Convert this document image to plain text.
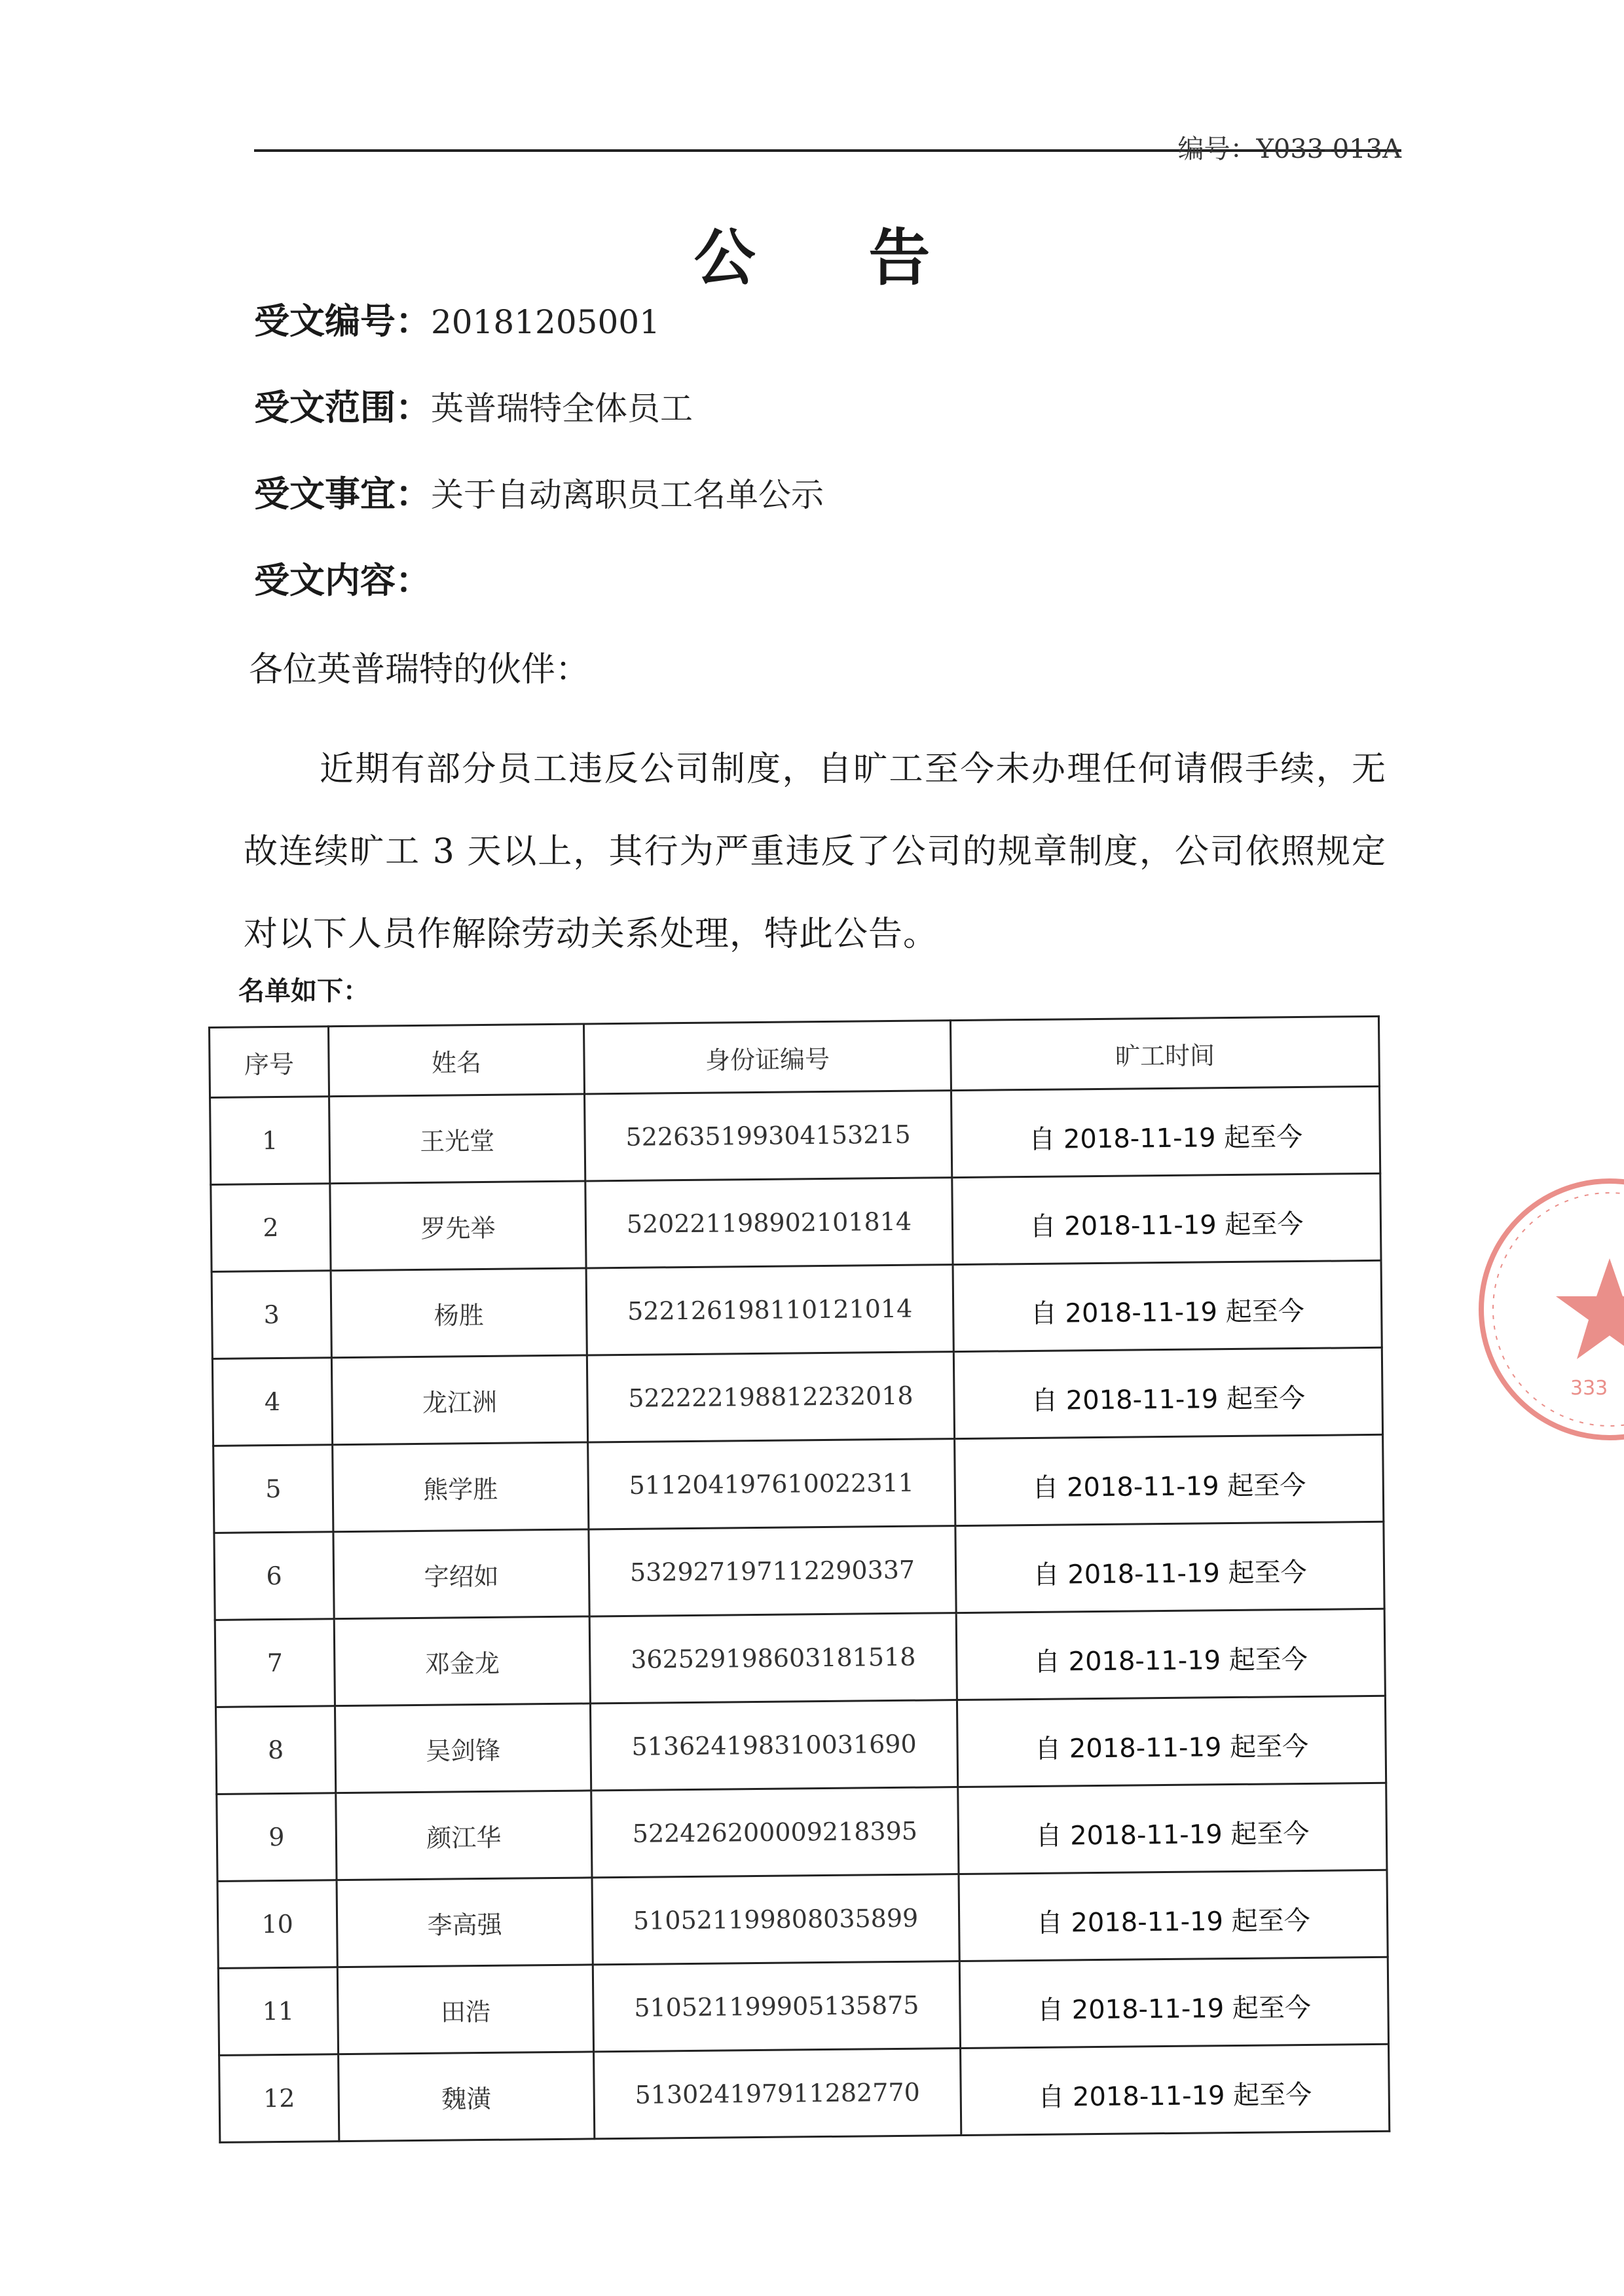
编号：Y033-013A
公 告
受文编号：20181205001
受文范围：英普瑞特全体员工
受文事宜：关于自动离职员工名单公示
受文内容：
各位英普瑞特的伙伴：
近期有部分员工违反公司制度，自旷工至今未办理任何请假手续，无故连续旷工 3 天以上，其行为严重违反了公司的规章制度，公司依照规定对以下人员作解除劳动关系处理，特此公告。
名单如下：
序号	姓名	身份证编号	旷工时间
1	王光堂	522635199304153215	自 2018-11-19 起至今
2	罗先举	520221198902101814	自 2018-11-19 起至今
3	杨胜	522126198110121014	自 2018-11-19 起至今
4	龙江洲	522222198812232018	自 2018-11-19 起至今
5	熊学胜	511204197610022311	自 2018-11-19 起至今
6	字绍如	532927197112290337	自 2018-11-19 起至今
7	邓金龙	362529198603181518	自 2018-11-19 起至今
8	吴剑锋	513624198310031690	自 2018-11-19 起至今
9	颜江华	522426200009218395	自 2018-11-19 起至今
10	李高强	510521199808035899	自 2018-11-19 起至今
11	田浩	510521199905135875	自 2018-11-19 起至今
12	魏潢	513024197911282770	自 2018-11-19 起至今
333
